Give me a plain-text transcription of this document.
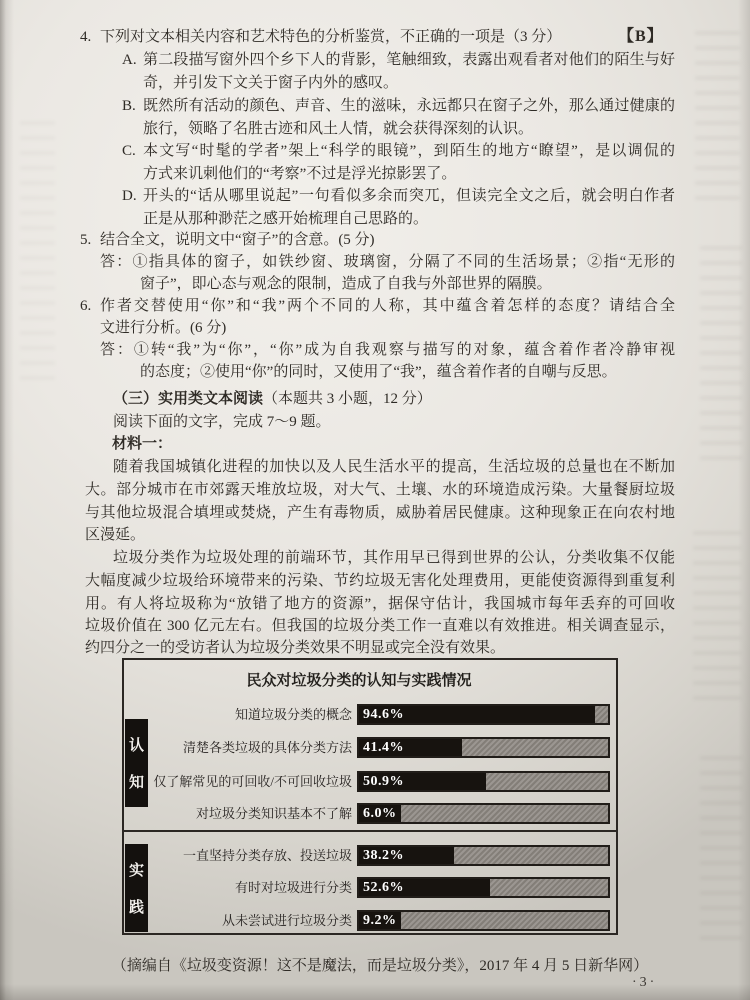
4. 下列对文本相关内容和艺术特色的分析鉴赏，不正确的一项是（3 分）	【B】
A. 第二段描写窗外四个乡下人的背影，笔触细致，表露出观看者对他们的陌生与好
奇，并引发下文关于窗子内外的感叹。
B. 既然所有活动的颜色、声音、生的滋味，永远都只在窗子之外，那么通过健康的
旅行，领略了名胜古迹和风土人情，就会获得深刻的认识。
C. 本文写“时髦的学者”架上“科学的眼镜”，到陌生的地方“瞭望”，是以调侃的
方式来讥刺他们的“考察”不过是浮光掠影罢了。
D. 开头的“话从哪里说起”一句看似多余而突兀，但读完全文之后，就会明白作者
正是从那种渺茫之感开始梳理自己思路的。
5. 结合全文，说明文中“窗子”的含意。(5 分)
答：①指具体的窗子，如铁纱窗、玻璃窗，分隔了不同的生活场景；②指“无形的
窗子”，即心态与观念的限制，造成了自我与外部世界的隔膜。
6. 作者交替使用“你”和“我”两个不同的人称，其中蕴含着怎样的态度？请结合全
文进行分析。(6 分)
答：①转“我”为“你”，“你”成为自我观察与描写的对象，蕴含着作者冷静审视
的态度；②使用“你”的同时，又使用了“我”，蕴含着作者的自嘲与反思。
（三）实用类文本阅读（本题共 3 小题，12 分）
阅读下面的文字，完成 7～9 题。
材料一：
随着我国城镇化进程的加快以及人民生活水平的提高，生活垃圾的总量也在不断加
大。部分城市在市郊露天堆放垃圾，对大气、土壤、水的环境造成污染。大量餐厨垃圾
与其他垃圾混合填埋或焚烧，产生有毒物质，威胁着居民健康。这种现象正在向农村地
区漫延。
垃圾分类作为垃圾处理的前端环节，其作用早已得到世界的公认，分类收集不仅能
大幅度减少垃圾给环境带来的污染、节约垃圾无害化处理费用，更能使资源得到重复利
用。有人将垃圾称为“放错了地方的资源”，据保守估计，我国城市每年丢弃的可回收
垃圾价值在 300 亿元左右。但我国的垃圾分类工作一直难以有效推进。相关调查显示，
约四分之一的受访者认为垃圾分类效果不明显或完全没有效果。
民众对垃圾分类的认知与实践情况
认
知
实
践
知道垃圾分类的概念 94.6%
清楚各类垃圾的具体分类方法 41.4%
仅了解常见的可回收/不可回收垃圾 50.9%
对垃圾分类知识基本不了解 6.0%
一直坚持分类存放、投送垃圾 38.2%
有时对垃圾进行分类 52.6%
从未尝试进行垃圾分类 9.2%
（摘编自《垃圾变资源！这不是魔法，而是垃圾分类》，2017 年 4 月 5 日新华网）
·3·
